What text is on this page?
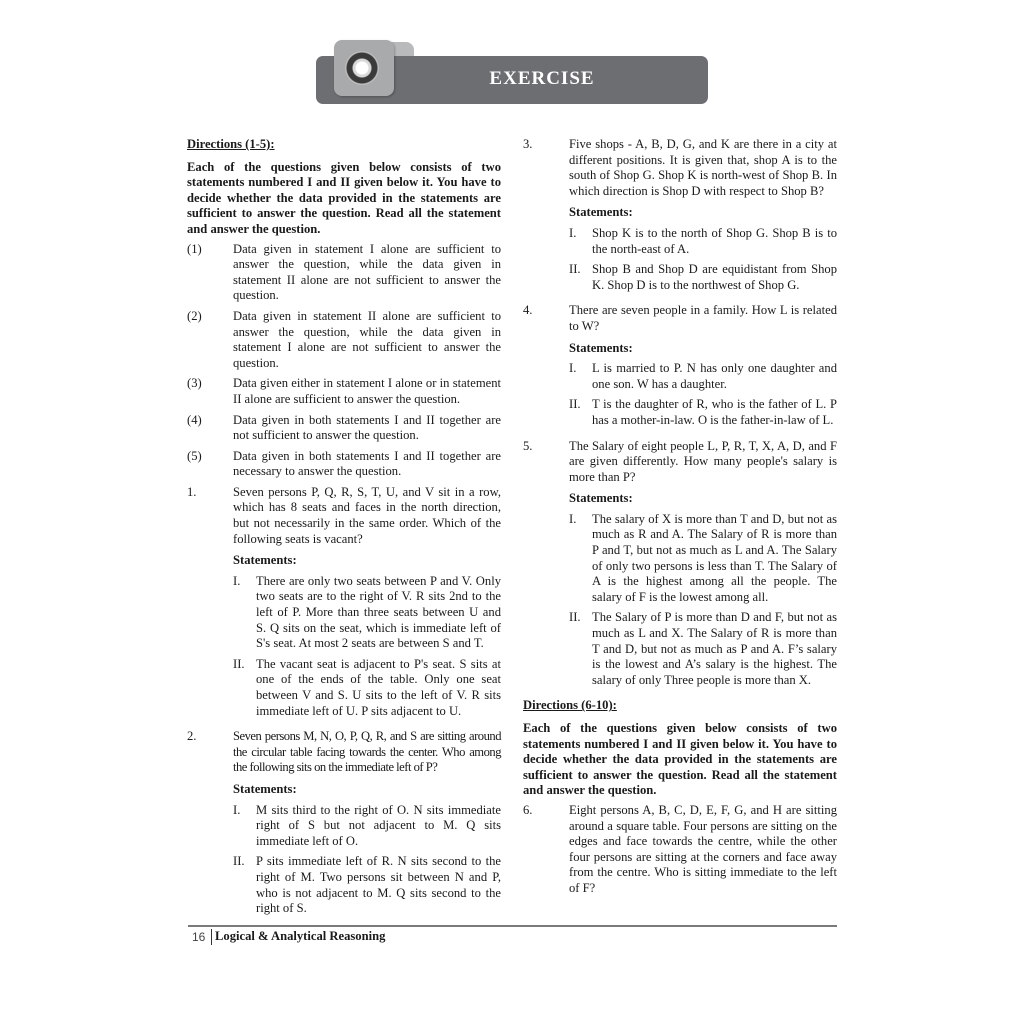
EXERCISE
Directions (1-5):
Each of the questions given below consists of two statements numbered I and II given below it. You have to decide whether the data provided in the statements are sufficient to answer the question. Read all the statement and answer the question.
(1)	Data given in statement I alone are sufficient to answer the question, while the data given in statement II alone are not sufficient to answer the question.
(2)	Data given in statement II alone are sufficient to answer the question, while the data given in statement I alone are not sufficient to answer the question.
(3)	Data given either in statement I alone or in statement II alone are sufficient to answer the question.
(4)	Data given in both statements I and II together are not sufficient to answer the question.
(5)	Data given in both statements I and II together are necessary to answer the question.
1.	Seven persons P, Q, R, S, T, U, and V sit in a row, which has 8 seats and faces in the north direction, but not necessarily in the same order. Which of the following seats is vacant?
Statements:
I.	There are only two seats between P and V. Only two seats are to the right of V. R sits 2nd to the left of P. More than three seats between U and S. Q sits on the seat, which is immediate left of S's seat. At most 2 seats are between S and T.
II. The vacant seat is adjacent to P's seat. S sits at one of the ends of the table. Only one seat between V and S. U sits to the left of V. R sits immediate left of U. P sits adjacent to U.
2.	Seven persons M, N, O, P, Q, R, and S are sitting around the circular table facing towards the center. Who among the following sits on the immediate left of P?
Statements:
I.	M sits third to the right of O. N sits immediate right of S but not adjacent to M. Q sits immediate left of O.
II. P sits immediate left of R. N sits second to the right of M. Two persons sit between N and P, who is not adjacent to M. Q sits second to the right of S.
3.	Five shops - A, B, D, G, and K are there in a city at different positions. It is given that, shop A is to the south of Shop G. Shop K is north-west of Shop B. In which direction is Shop D with respect to Shop B?
Statements:
I.	Shop K is to the north of Shop G. Shop B is to the north-east of A.
II. Shop B and Shop D are equidistant from Shop K. Shop D is to the northwest of Shop G.
4.	There are seven people in a family. How L is related to W?
Statements:
I.	L is married to P. N has only one daughter and one son. W has a daughter.
II. T is the daughter of R, who is the father of L. P has a mother-in-law. O is the father-in-law of L.
5.	The Salary of eight people L, P, R, T, X, A, D, and F are given differently. How many people's salary is more than P?
Statements:
I.	The salary of X is more than T and D, but not as much as R and A. The Salary of R is more than P and T, but not as much as L and A. The Salary of only two persons is less than T. The Salary of A is the highest among all the people. The salary of F is the lowest among all.
II. The Salary of P is more than D and F, but not as much as L and X. The Salary of R is more than T and D, but not as much as P and A. F’s salary is the lowest and A’s salary is the highest. The salary of only Three people is more than X.
Directions (6-10):
Each of the questions given below consists of two statements numbered I and II given below it. You have to decide whether the data provided in the statements are sufficient to answer the question. Read all the statement and answer the question.
6.	Eight persons A, B, C, D, E, F, G, and H are sitting around a square table. Four persons are sitting on the edges and face towards the centre, while the other four persons are sitting at the corners and face away from the centre. Who is sitting immediate to the left of F?
16 Logical & Analytical Reasoning
